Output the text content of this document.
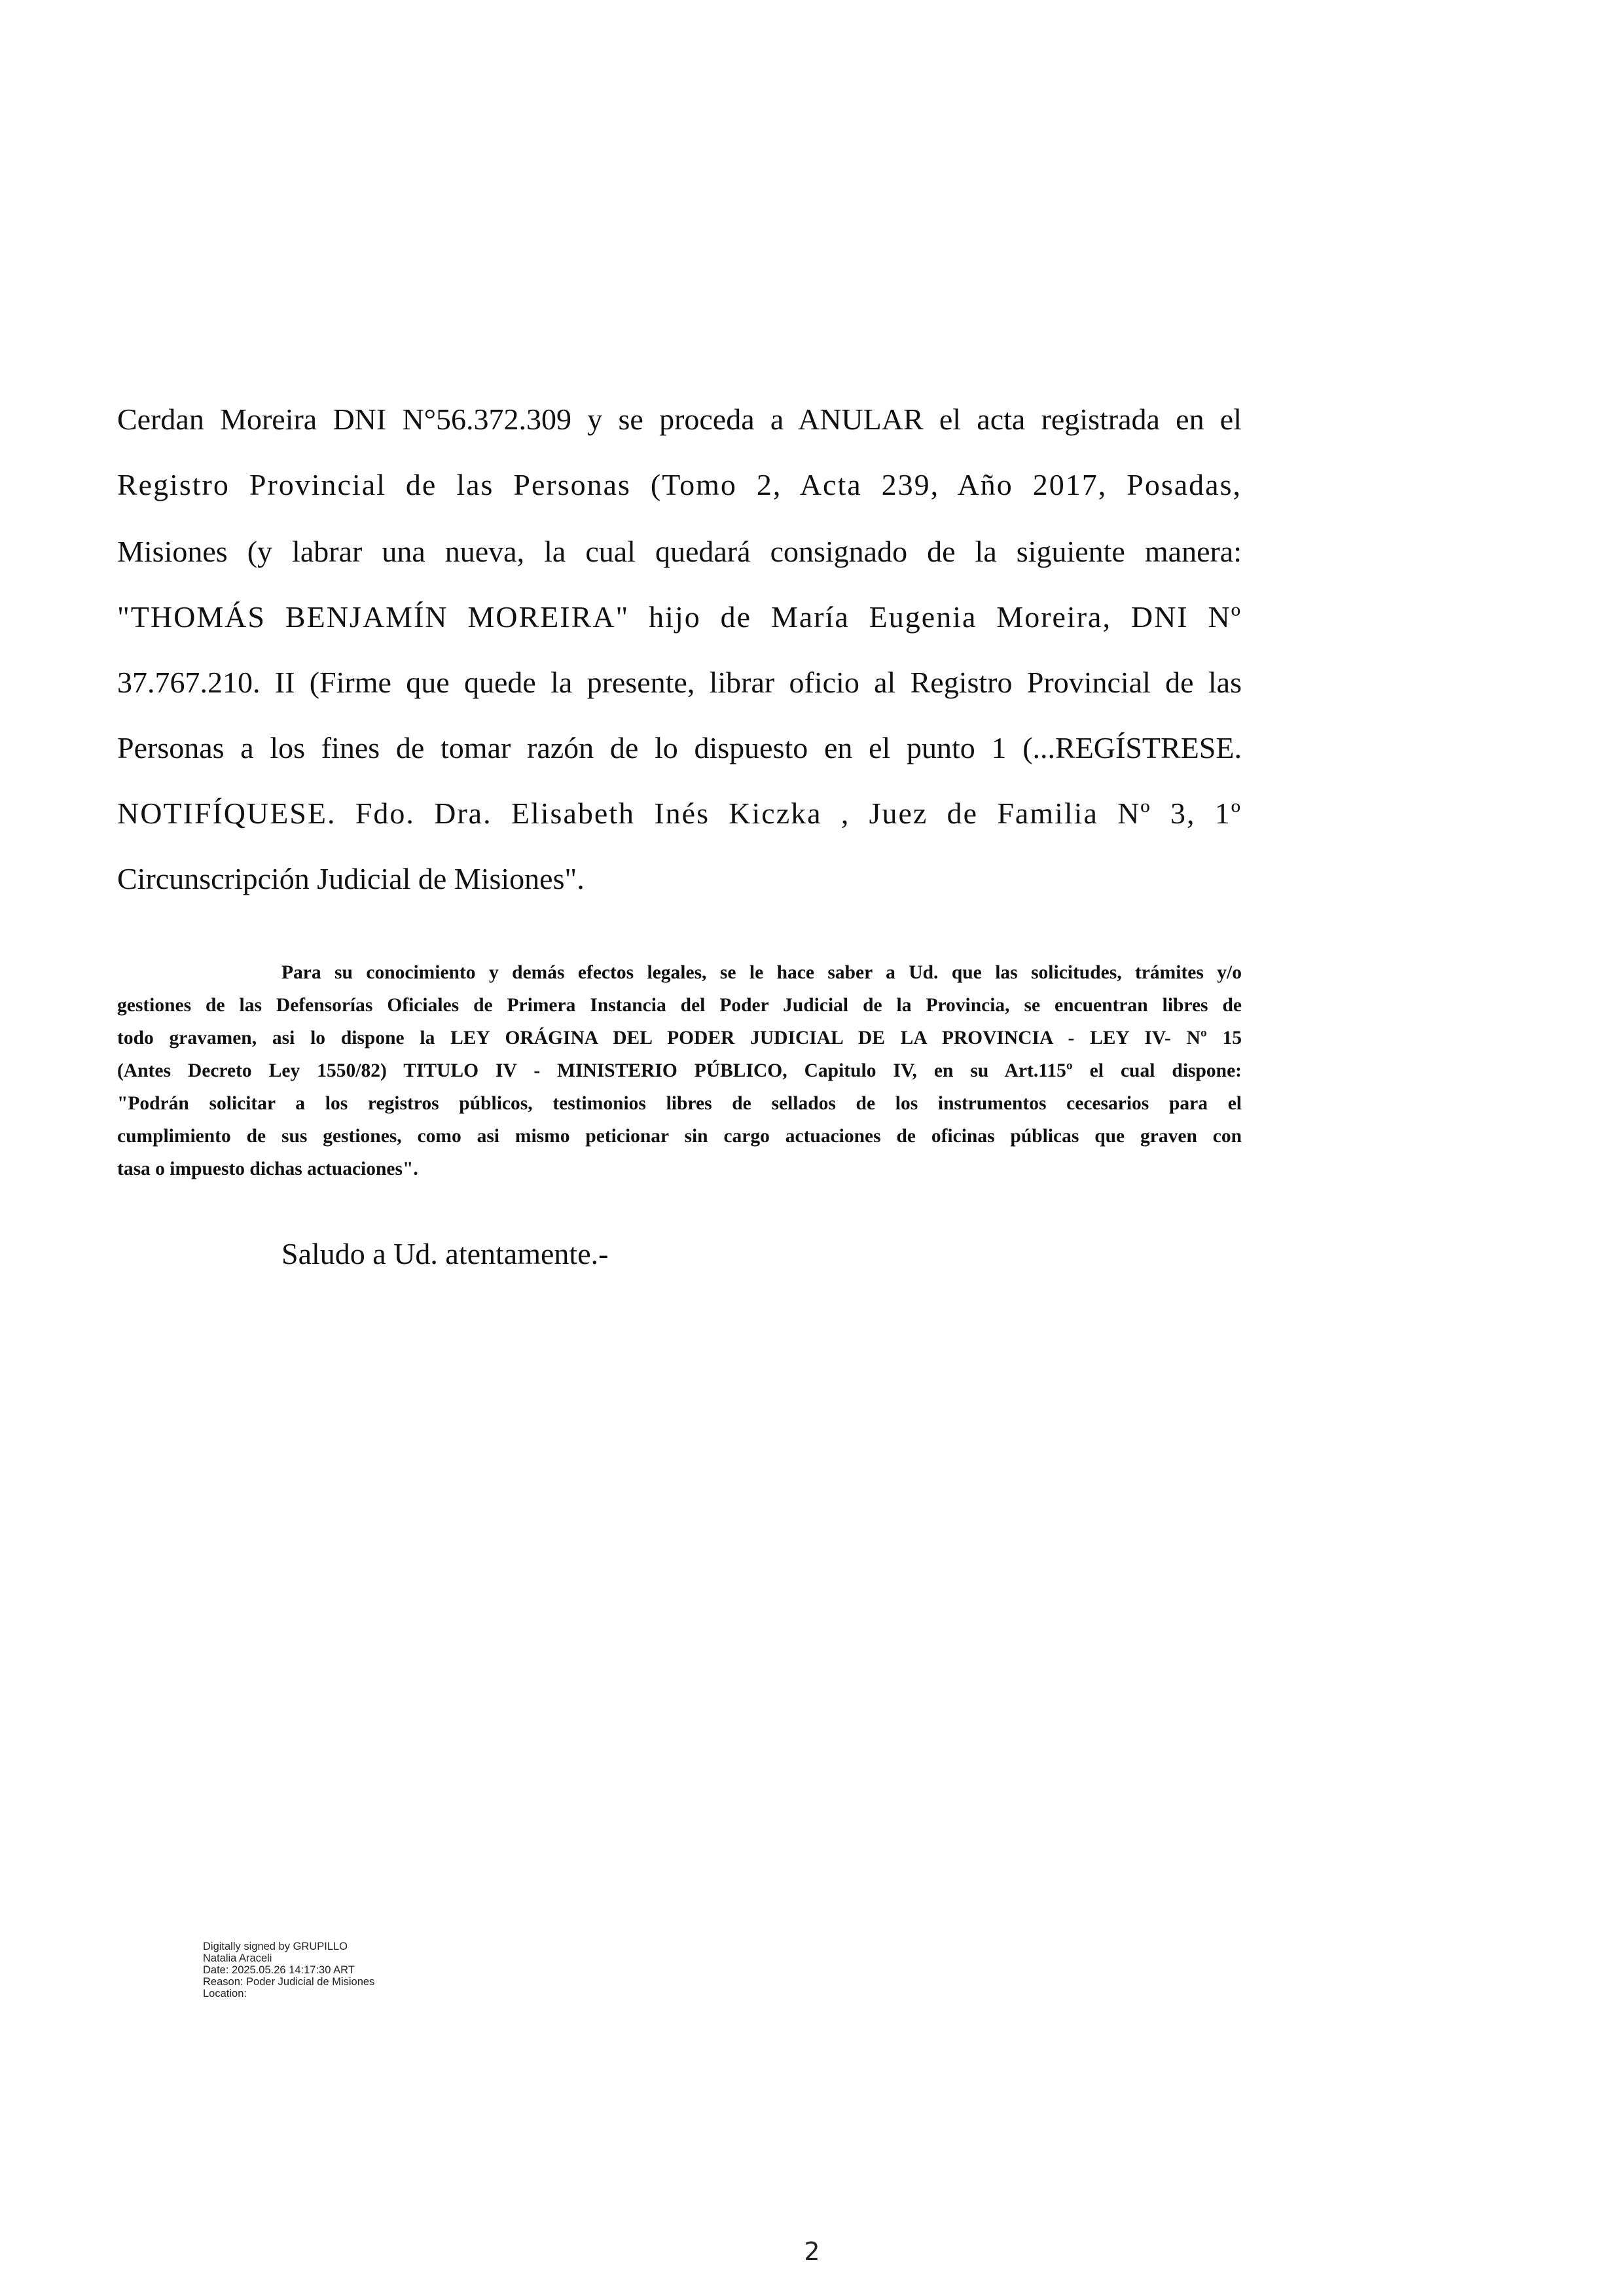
Cerdan Moreira DNI N°56.372.309 y se proceda a ANULAR el acta registrada en el
Registro Provincial de las Personas (Tomo 2, Acta 239, Año 2017, Posadas,
Misiones (y labrar una nueva, la cual quedará consignado de la siguiente manera:
"THOMÁS BENJAMÍN MOREIRA" hijo de María Eugenia Moreira, DNI Nº
37.767.210. II (Firme que quede la presente, librar oficio al Registro Provincial de las
Personas a los fines de tomar razón de lo dispuesto en el punto 1 (...REGÍSTRESE.
NOTIFÍQUESE. Fdo. Dra. Elisabeth Inés Kiczka , Juez de Familia Nº 3, 1º
Circunscripción Judicial de Misiones".
Para su conocimiento y demás efectos legales, se le hace saber a Ud. que las solicitudes, trámites y/o
gestiones de las Defensorías Oficiales de Primera Instancia del Poder Judicial de la Provincia, se encuentran libres de
todo gravamen, asi lo dispone la LEY ORÁGINA DEL PODER JUDICIAL DE LA PROVINCIA - LEY IV- Nº 15
(Antes Decreto Ley 1550/82) TITULO IV - MINISTERIO PÚBLICO, Capitulo IV, en su Art.115º el cual dispone:
"Podrán solicitar a los registros públicos, testimonios libres de sellados de los instrumentos cecesarios para el
cumplimiento de sus gestiones, como asi mismo peticionar sin cargo actuaciones de oficinas públicas que graven con
tasa o impuesto dichas actuaciones".
Saludo a Ud. atentamente.-
Digitally signed by GRUPILLO
Natalia Araceli
Date: 2025.05.26 14:17:30 ART
Reason: Poder Judicial de Misiones
Location:
2
